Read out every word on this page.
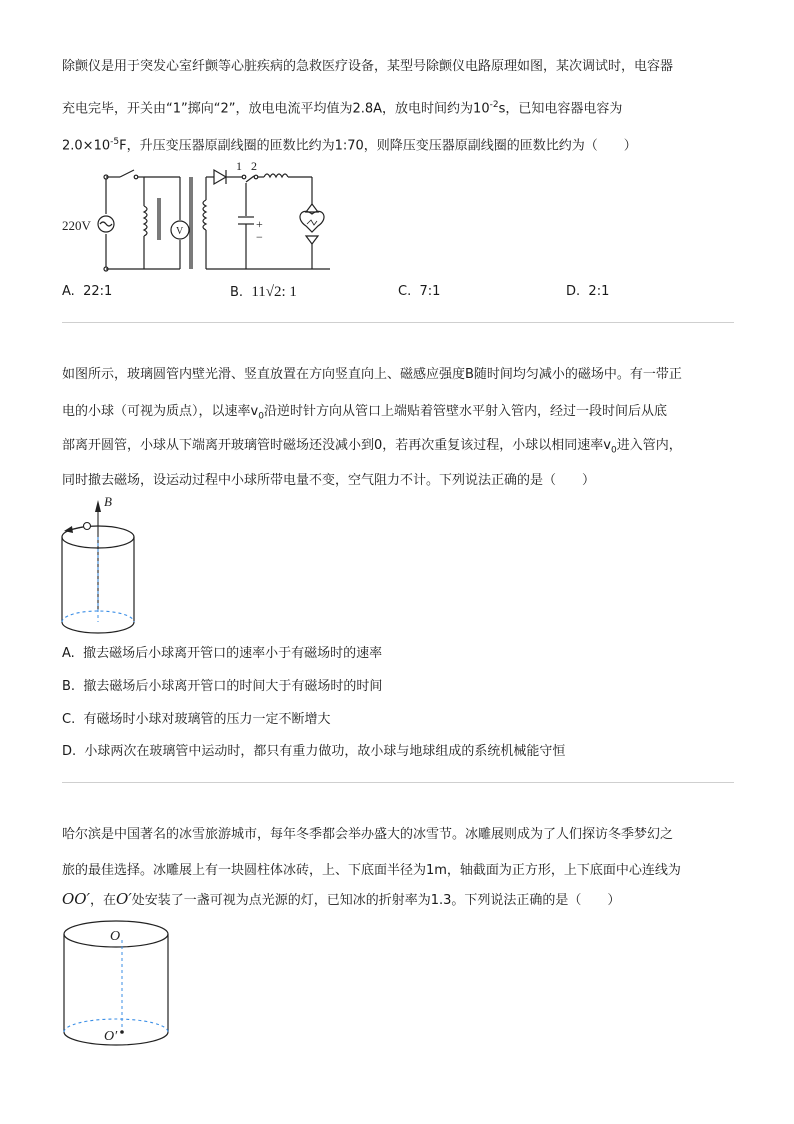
除颤仪是用于突发心室纤颤等心脏疾病的急救医疗设备，某型号除颤仪电路原理如图，某次调试时，电容器
充电完毕，开关由“1”掷向“2”，放电电流平均值为2.8A，放电时间约为$10^{-2}s$，已知电容器电容为
$2.0\times 10^{-5}F$，升压变压器原副线圈的匝数比约为1:70，则降压变压器原副线圈的匝数比约为（　　）
220V	V
1 2
+
−
A. 22:1	B. 11√2: 1	C. 7:1	D. 2:1
如图所示，玻璃圆管内壁光滑、竖直放置在方向竖直向上、磁感应强度B随时间均匀减小的磁场中。有一带正
电的小球（可视为质点），以速率$v_0$沿逆时针方向从管口上端贴着管壁水平射入管内，经过一段时间后从底
部离开圆管，小球从下端离开玻璃管时磁场还没减小到0，若再次重复该过程，小球以相同速率$v_0$进入管内，
同时撤去磁场，设运动过程中小球所带电量不变，空气阻力不计。下列说法正确的是（　　）
B
A. 撤去磁场后小球离开管口的速率小于有磁场时的速率
B. 撤去磁场后小球离开管口的时间大于有磁场时的时间
C. 有磁场时小球对玻璃管的压力一定不断增大
D. 小球两次在玻璃管中运动时，都只有重力做功，故小球与地球组成的系统机械能守恒
哈尔滨是中国著名的冰雪旅游城市，每年冬季都会举办盛大的冰雪节。冰雕展则成为了人们探访冬季梦幻之
旅的最佳选择。冰雕展上有一块圆柱体冰砖，上、下底面半径为1m，轴截面为正方形，上下底面中心连线为
OO′，在O′处安装了一盏可视为点光源的灯，已知冰的折射率为1.3。下列说法正确的是（　　）
O
O′
